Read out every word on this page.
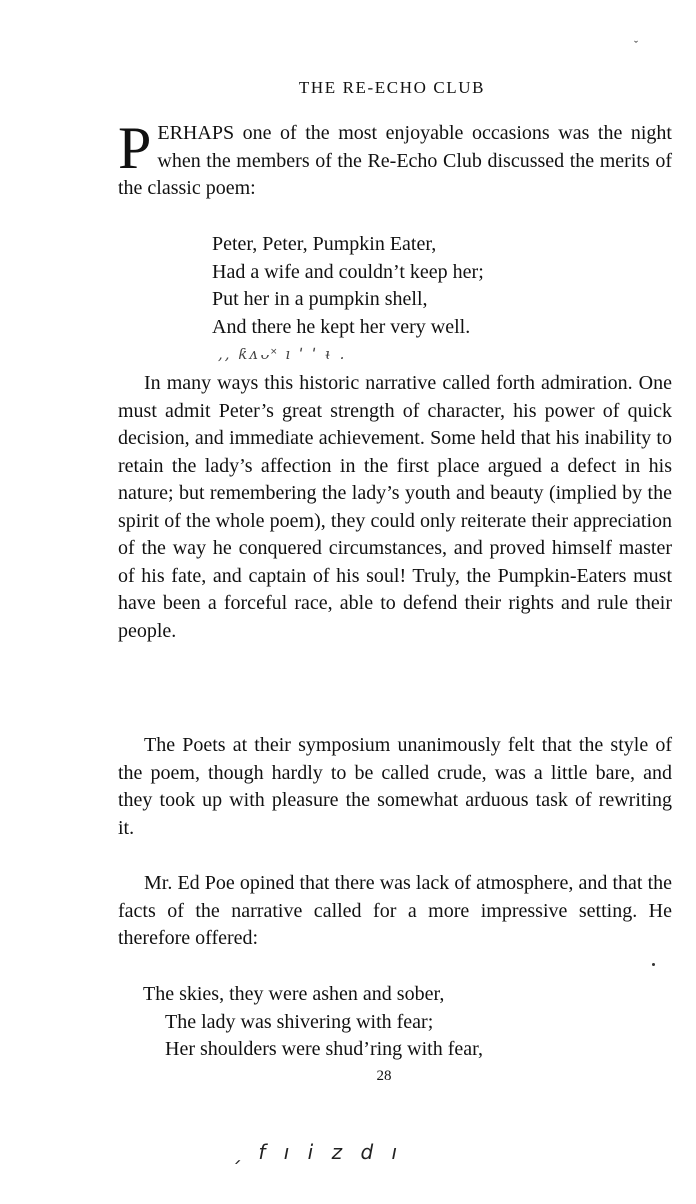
ˇ
THE RE-ECHO CLUB
P ERHAPS one of the most enjoyable occasions was the night when the members of the Re-Echo Club discussed the merits of the classic poem:

Peter, Peter, Pumpkin Eater,
Had a wife and couldn’t keep her;
Put her in a pumpkin shell,
And there he kept her very well.
,, ƙᴧᴗ˟ ı ˈ ˈ ᵼ .

In many ways this historic narrative called forth admiration. One must admit Peter’s great strength of character, his power of quick decision, and immediate achievement. Some held that his inability to retain the lady’s affection in the first place argued a defect in his nature; but remembering the lady’s youth and beauty (implied by the spirit of the whole poem), they could only reiterate their appreciation of the way he conquered circumstances, and proved himself master of his fate, and captain of his soul! Truly, the Pumpkin-Eaters must have been a forceful race, able to defend their rights and rule their people.

The Poets at their symposium unanimously felt that the style of the poem, though hardly to be called crude, was a little bare, and they took up with pleasure the somewhat arduous task of rewriting it.

Mr. Ed Poe opined that there was lack of atmosphere, and that the facts of the narrative called for a more impressive setting. He therefore offered:

The skies, they were ashen and sober,
The lady was shivering with fear;
Her shoulders were shud’ring with fear,
28
ˏ f ı i z d ı
